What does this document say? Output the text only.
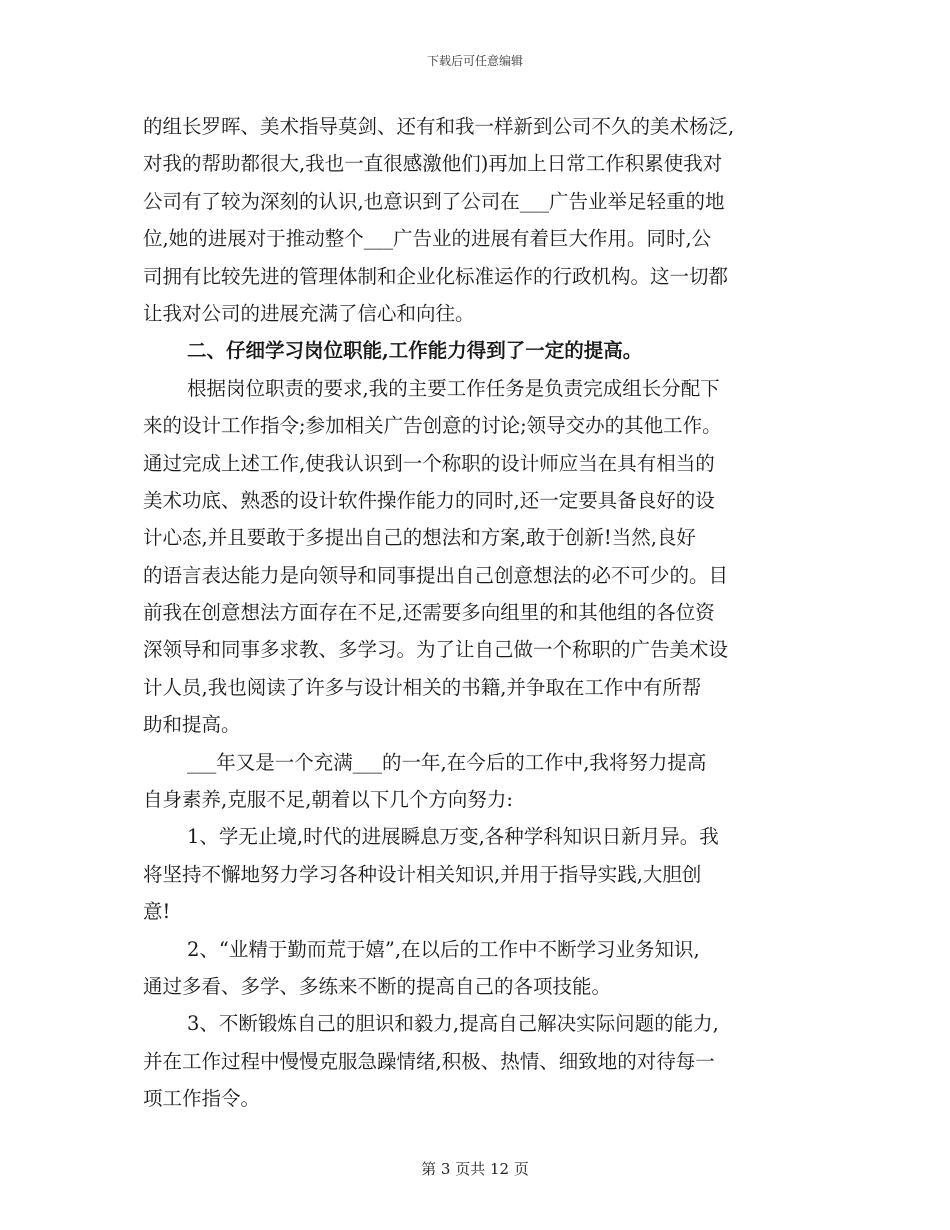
下载后可任意编辑
的组长罗晖、美术指导莫剑、还有和我一样新到公司不久的美术杨泛,
对我的帮助都很大,我也一直很感激他们)再加上日常工作积累使我对
公司有了较为深刻的认识,也意识到了公司在___广告业举足轻重的地
位,她的进展对于推动整个___广告业的进展有着巨大作用。同时,公
司拥有比较先进的管理体制和企业化标准运作的行政机构。这一切都
让我对公司的进展充满了信心和向往。
二、仔细学习岗位职能,工作能力得到了一定的提高。
根据岗位职责的要求,我的主要工作任务是负责完成组长分配下
来的设计工作指令;参加相关广告创意的讨论;领导交办的其他工作。
通过完成上述工作,使我认识到一个称职的设计师应当在具有相当的
美术功底、熟悉的设计软件操作能力的同时,还一定要具备良好的设
计心态,并且要敢于多提出自己的想法和方案,敢于创新!当然,良好
的语言表达能力是向领导和同事提出自己创意想法的必不可少的。目
前我在创意想法方面存在不足,还需要多向组里的和其他组的各位资
深领导和同事多求教、多学习。为了让自己做一个称职的广告美术设
计人员,我也阅读了许多与设计相关的书籍,并争取在工作中有所帮
助和提高。
___年又是一个充满___的一年,在今后的工作中,我将努力提高
自身素养,克服不足,朝着以下几个方向努力:
1、学无止境,时代的进展瞬息万变,各种学科知识日新月异。我
将坚持不懈地努力学习各种设计相关知识,并用于指导实践,大胆创
意!
2、“业精于勤而荒于嬉”,在以后的工作中不断学习业务知识,
通过多看、多学、多练来不断的提高自己的各项技能。
3、不断锻炼自己的胆识和毅力,提高自己解决实际问题的能力,
并在工作过程中慢慢克服急躁情绪,积极、热情、细致地的对待每一
项工作指令。
第 3 页共 12 页
